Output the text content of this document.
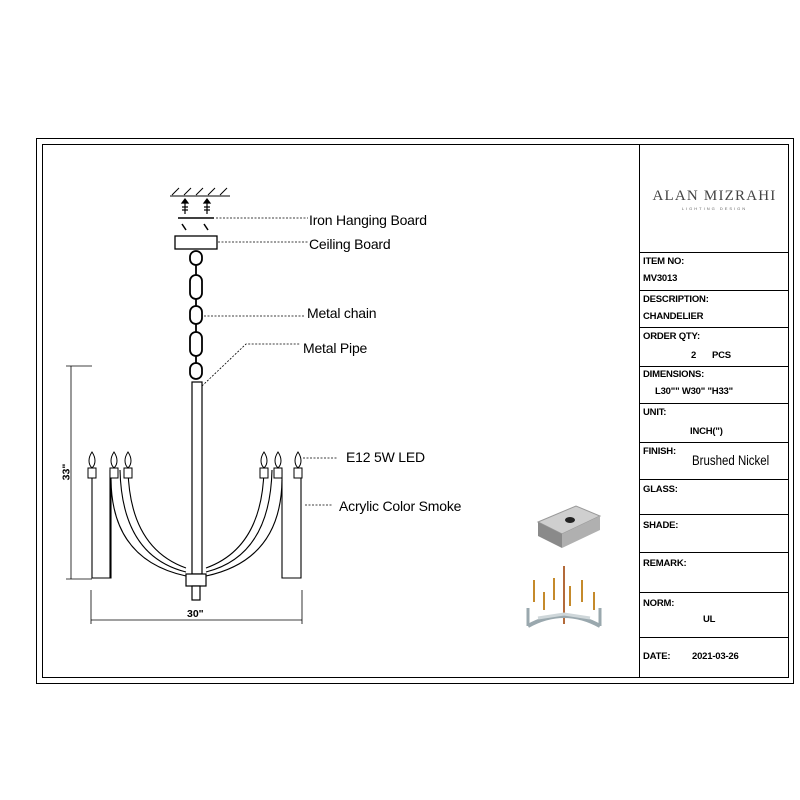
Iron Hanging Board
Ceiling Board
Metal chain
Metal Pipe
E12 5W LED
Acrylic Color Smoke
33"
30"
ALAN MIZRAHI
LIGHTING DESIGN
ITEM NO:
MV3013
DESCRIPTION:
CHANDELIER
ORDER QTY:
2 PCS
DIMENSIONS:
L30"" W30" "H33"
UNIT:
INCH(")
FINISH:
Brushed Nickel
GLASS:
SHADE:
REMARK:
NORM:
UL
DATE: 2021-03-26
